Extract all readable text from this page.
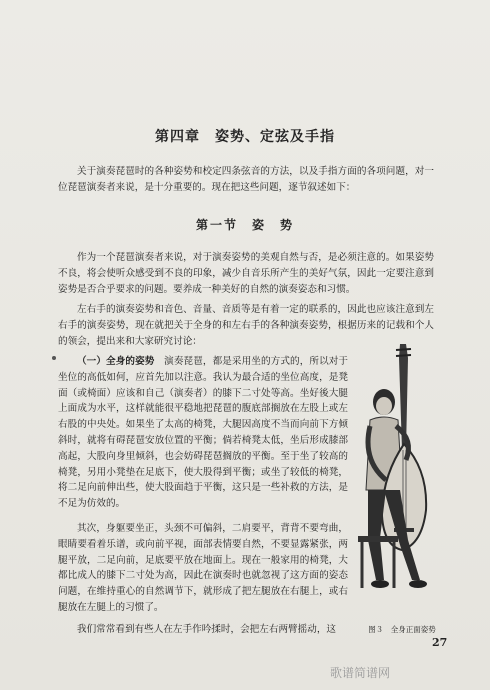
第四章　姿势、定弦及手指

关于演奏琵琶时的各种姿势和校定四条弦音的方法，以及手指方面的各项问题，对一位琵琶演奏者来说，是十分重要的。现在把这些问题，逐节叙述如下：

第一节　姿　势

作为一个琵琶演奏者来说，对于演奏姿势的美观自然与否，是必须注意的。如果姿势不良，将会使听众感受到不良的印象，减少自音乐所产生的美好气氛，因此一定要注意到姿势是否合乎要求的问题。要养成一种美好的自然的演奏姿态和习惯。

左右手的演奏姿势和音色、音量、音质等是有着一定的联系的，因此也应该注意到左右手的演奏姿势，现在就把关于全身的和左右手的各种演奏姿势，根据历来的记载和个人的领会，提出来和大家研究讨论：

（一）全身的姿势　 演奏琵琶，都是采用坐的方式的，所以对于坐位的高低如何，应首先加以注意。我认为最合适的坐位高度，是凳面（或椅面）应该和自己（演奏者）的膝下二寸处等高。坐好後大腿上面成为水平，这样就能很平稳地把琵琶的腹底部搁放在左股上或左右股的中央处。如果坐了太高的椅凳，大腿因高度不当而向前下方倾斜时，就将有碍琵琶安放位置的平衡；倘若椅凳太低，坐后形成膝部高起，大股向身里倾斜，也会妨碍琵琶搁放的平衡。至于坐了较高的椅凳，另用小凳垫在足底下，使大股得到平衡；或坐了较低的椅凳，将二足向前伸出些，使大股面趋于平衡，这只是一些补救的方法，是不足为仿效的。

其次，身躯要坐正，头颈不可偏斜，二肩要平，背背不要弯曲，眼睛要看着乐谱，或向前平视，面部表情要自然，不要显露紧张，两腿平放，二足向前，足底要平放在地面上。现在一般家用的椅凳，大都比成人的膝下二寸处为高，因此在演奏时也就忽视了这方面的姿态问题，在维持重心的自然调节下，就形成了把左腿放在右腿上，或右腿放在左腿上的习惯了。

我们常常看到有些人在左手作吟揉时，会把左右两臂摇动，这	图３　全身正面姿势
27
歌谱简谱网
